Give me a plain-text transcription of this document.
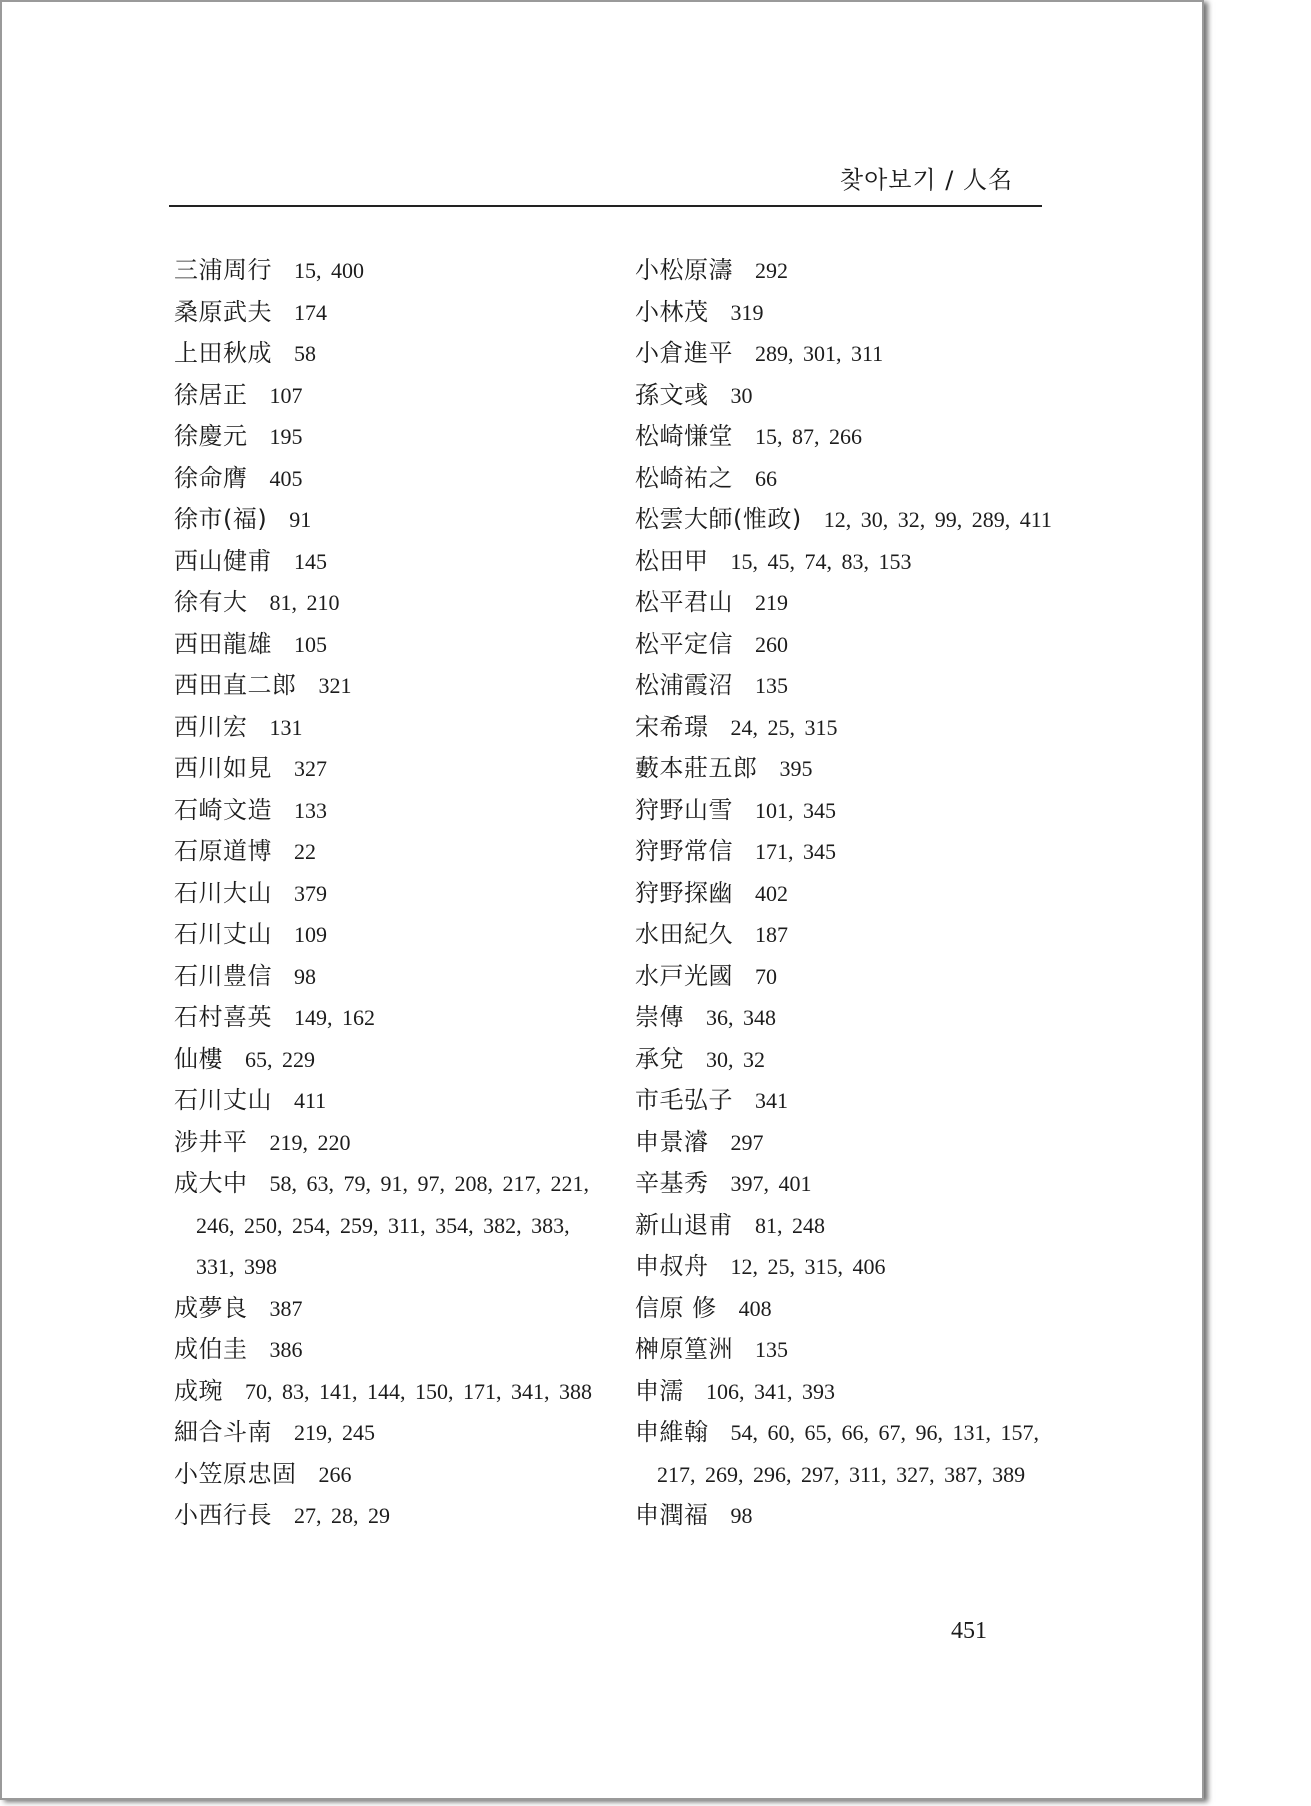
찾아보기 / 人名
三浦周行 15, 400
桑原武夫 174
上田秋成 58
徐居正 107
徐慶元 195
徐命膺 405
徐市(福) 91
西山健甫 145
徐有大 81, 210
西田龍雄 105
西田直二郎 321
西川宏 131
西川如見 327
石崎文造 133
石原道博 22
石川大山 379
石川丈山 109
石川豊信 98
石村喜英 149, 162
仙樓 65, 229
石川丈山 411
涉井平 219, 220
成大中 58, 63, 79, 91, 97, 208, 217, 221, 246, 250, 254, 259, 311, 354, 382, 383, 331, 398
成夢良 387
成伯圭 386
成琬 70, 83, 141, 144, 150, 171, 341, 388
細合斗南 219, 245
小笠原忠固 266
小西行長 27, 28, 29
小松原濤 292
小林茂 319
小倉進平 289, 301, 311
孫文彧 30
松崎慊堂 15, 87, 266
松崎祐之 66
松雲大師(惟政) 12, 30, 32, 99, 289, 411
松田甲 15, 45, 74, 83, 153
松平君山 219
松平定信 260
松浦霞沼 135
宋希璟 24, 25, 315
藪本莊五郎 395
狩野山雪 101, 345
狩野常信 171, 345
狩野探幽 402
水田紀久 187
水戸光國 70
崇傳 36, 348
承兌 30, 32
市毛弘子 341
申景濬 297
辛基秀 397, 401
新山退甫 81, 248
申叔舟 12, 25, 315, 406
信原 修 408
榊原篁洲 135
申濡 106, 341, 393
申維翰 54, 60, 65, 66, 67, 96, 131, 157, 217, 269, 296, 297, 311, 327, 387, 389
申潤福 98
451
